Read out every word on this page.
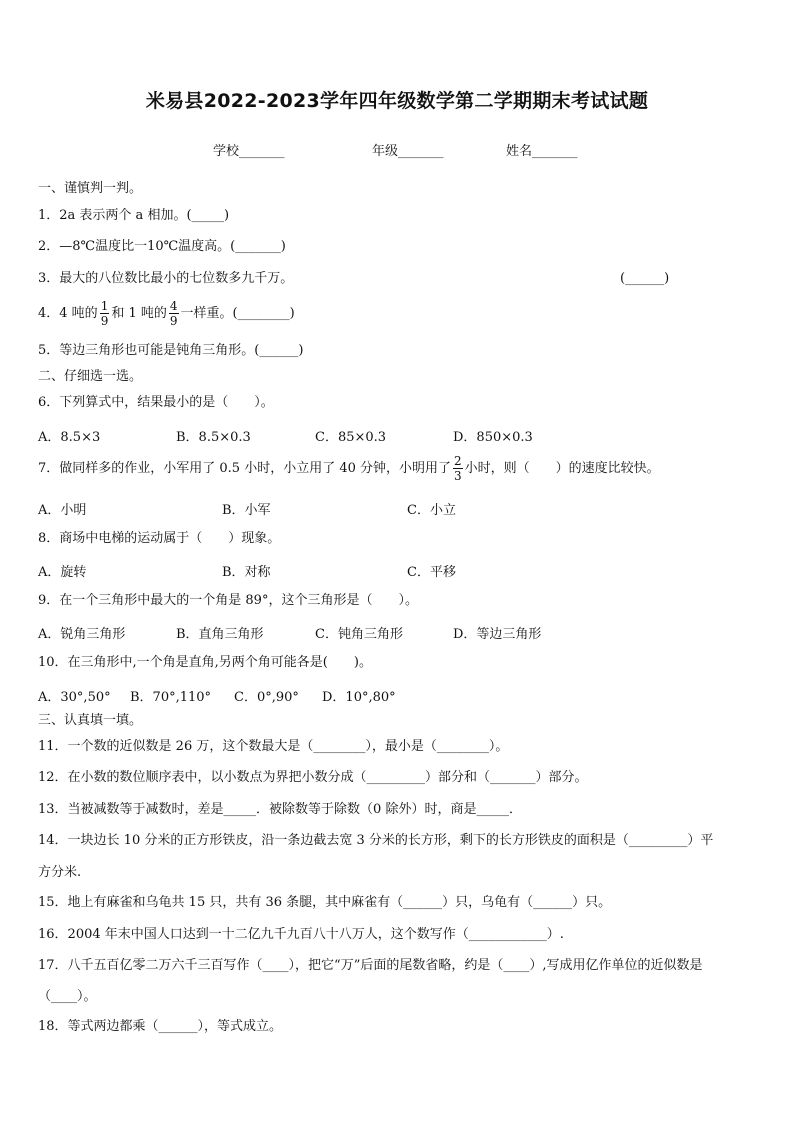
米易县2022-2023学年四年级数学第二学期期末考试试题
学校_______	年级_______	姓名_______
一、谨慎判一判。
1．2a 表示两个 a 相加。(_____)
2．—8℃温度比一10℃温度高。(_______)
3．最大的八位数比最小的七位数多九千万。	(______)
4．4 吨的 $\frac{1}{9}$ 和 1 吨的 $\frac{4}{9}$ 一样重。(________)
5．等边三角形也可能是钝角三角形。(______)
二、仔细选一选。
6．下列算式中，结果最小的是（　　）。
A．8.5×3	B．8.5×0.3	C．85×0.3	D．850×0.3
7．做同样多的作业，小军用了 0.5 小时，小立用了 40 分钟，小明用了 $\frac{2}{3}$ 小时，则（　　）的速度比较快。
A．小明	B．小军	C．小立
8．商场中电梯的运动属于（　　）现象。
A．旋转	B．对称	C．平移
9．在一个三角形中最大的一个角是 89°，这个三角形是（　　）。
A．锐角三角形	B．直角三角形	C．钝角三角形	D．等边三角形
10．在三角形中,一个角是直角,另两个角可能各是(　　)。
A．30°,50° B．70°,110° C．0°,90° D．10°,80°
三、认真填一填。
11．一个数的近似数是 26 万，这个数最大是（________），最小是（________）。
12．在小数的数位顺序表中，以小数点为界把小数分成（_________）部分和（_______）部分。
13．当被减数等于减数时，差是_____．被除数等于除数（0 除外）时，商是_____．
14．一块边长 10 分米的正方形铁皮，沿一条边截去宽 3 分米的长方形，剩下的长方形铁皮的面积是（_________）平
方分米.
15．地上有麻雀和乌龟共 15 只，共有 36 条腿，其中麻雀有（______）只，乌龟有（______）只。
16．2004 年末中国人口达到一十二亿九千九百八十八万人，这个数写作（____________）.
17．八千五百亿零二万六千三百写作（____），把它“万”后面的尾数省略，约是（____）,写成用亿作单位的近似数是
（____）。
18．等式两边都乘（______），等式成立。
